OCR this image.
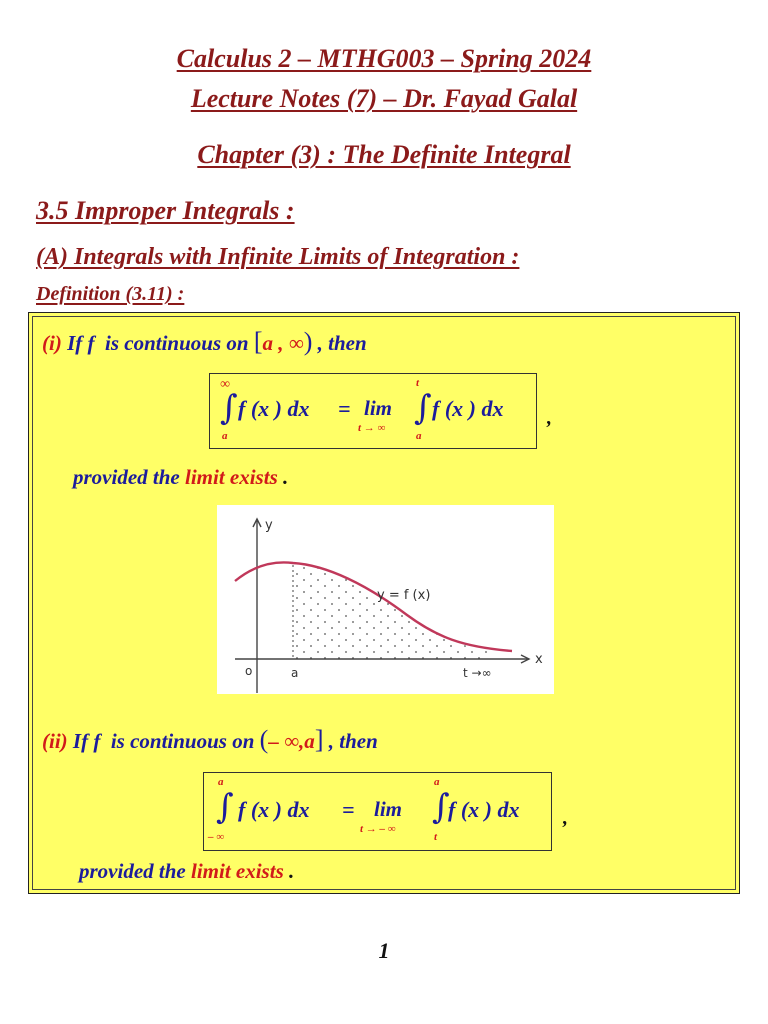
Calculus 2 – MTHG003 – Spring 2024
Lecture Notes (7) – Dr. Fayad Galal
Chapter (3) : The Definite Integral
3.5 Improper Integrals :
(A) Integrals with Infinite Limits of Integration :
Definition (3.11) :
(i) If f is continuous on [a , ∞) , then
∞
∫
a
f (x ) dx = lim
t → ∞
t
∫
a
f (x ) dx ,
provided the limit exists .
y
x
o	a	t →∞
y = f (x)
(ii) If f is continuous on (– ∞,a] , then
a
∫
– ∞
f (x ) dx = lim
t → – ∞
a
∫
t
f (x ) dx ,
provided the limit exists .
1
